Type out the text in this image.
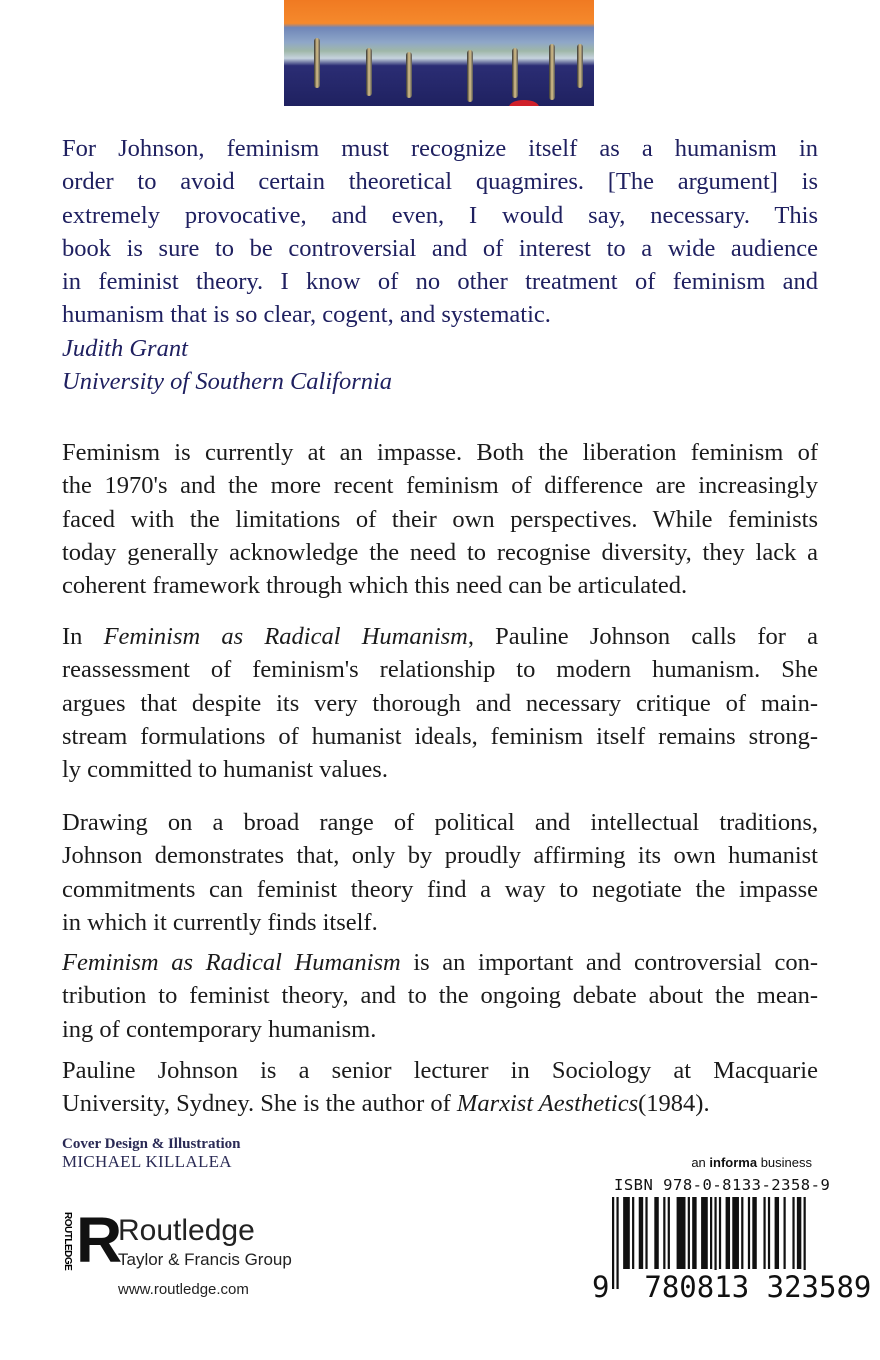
For Johnson, feminism must recognize itself as a humanism in
order to avoid certain theoretical quagmires. [The argument] is
extremely provocative, and even, I would say, necessary. This
book is sure to be controversial and of interest to a wide audience
in feminist theory. I know of no other treatment of feminism and
humanism that is so clear, cogent, and systematic.
Judith Grant
University of Southern California
Feminism is currently at an impasse. Both the liberation feminism of
the 1970's and the more recent feminism of difference are increasingly
faced with the limitations of their own perspectives. While feminists
today generally acknowledge the need to recognise diversity, they lack a
coherent framework through which this need can be articulated.
In Feminism as Radical Humanism, Pauline Johnson calls for a
reassessment of feminism's relationship to modern humanism. She
argues that despite its very thorough and necessary critique of main-
stream formulations of humanist ideals, feminism itself remains strong-
ly committed to humanist values.
Drawing on a broad range of political and intellectual traditions,
Johnson demonstrates that, only by proudly affirming its own humanist
commitments can feminist theory find a way to negotiate the impasse
in which it currently finds itself.
Feminism as Radical Humanism is an important and controversial con-
tribution to feminist theory, and to the ongoing debate about the mean-
ing of contemporary humanism.
Pauline Johnson is a senior lecturer in Sociology at Macquarie
University, Sydney. She is the author of Marxist Aesthetics(1984).
Cover Design & Illustration
MICHAEL KILLALEA
ROUTLEDGE R
Routledge
Taylor & Francis Group
www.routledge.com
an informa business
ISBN 978-0-8133-2358-9
9 780813 323589
